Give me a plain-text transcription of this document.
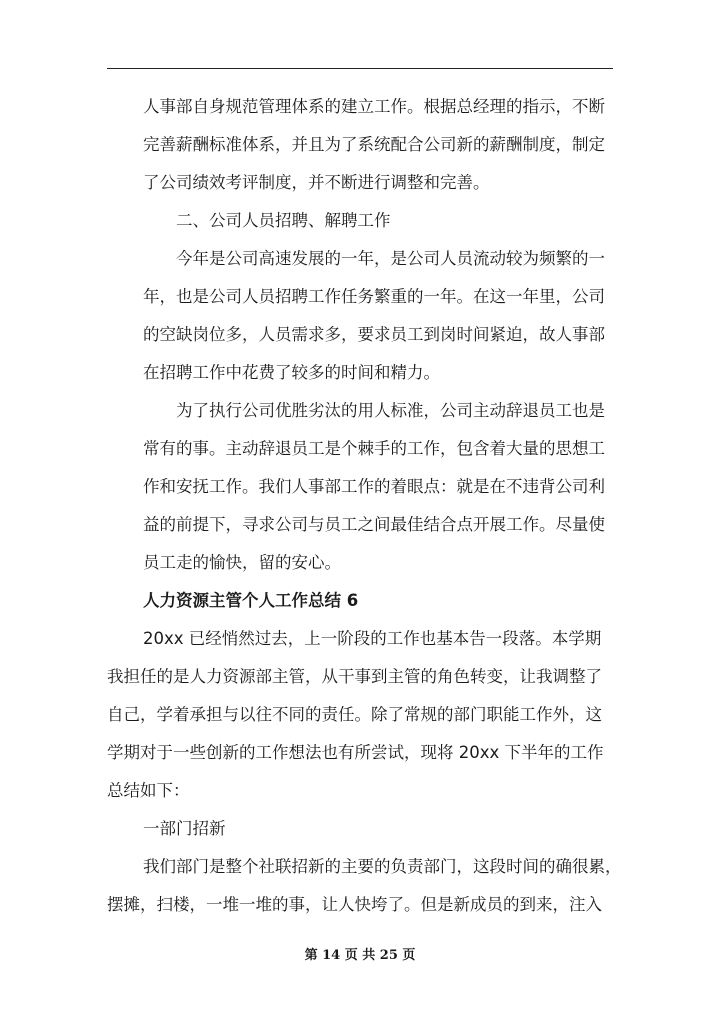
人事部自身规范管理体系的建立工作。根据总经理的指示，不断
完善薪酬标准体系，并且为了系统配合公司新的薪酬制度，制定
了公司绩效考评制度，并不断进行调整和完善。
二、公司人员招聘、解聘工作
今年是公司高速发展的一年，是公司人员流动较为频繁的一
年，也是公司人员招聘工作任务繁重的一年。在这一年里，公司
的空缺岗位多，人员需求多，要求员工到岗时间紧迫，故人事部
在招聘工作中花费了较多的时间和精力。
为了执行公司优胜劣汰的用人标准，公司主动辞退员工也是
常有的事。主动辞退员工是个棘手的工作，包含着大量的思想工
作和安抚工作。我们人事部工作的着眼点：就是在不违背公司利
益的前提下，寻求公司与员工之间最佳结合点开展工作。尽量使
员工走的愉快，留的安心。
人力资源主管个人工作总结 6
20xx 已经悄然过去，上一阶段的工作也基本告一段落。本学期
我担任的是人力资源部主管，从干事到主管的角色转变，让我调整了
自己，学着承担与以往不同的责任。除了常规的部门职能工作外，这
学期对于一些创新的工作想法也有所尝试，现将 20xx 下半年的工作
总结如下：
一部门招新
我们部门是整个社联招新的主要的负责部门，这段时间的确很累，
摆摊，扫楼，一堆一堆的事，让人快垮了。但是新成员的到来，注入
第 14 页 共 25 页
